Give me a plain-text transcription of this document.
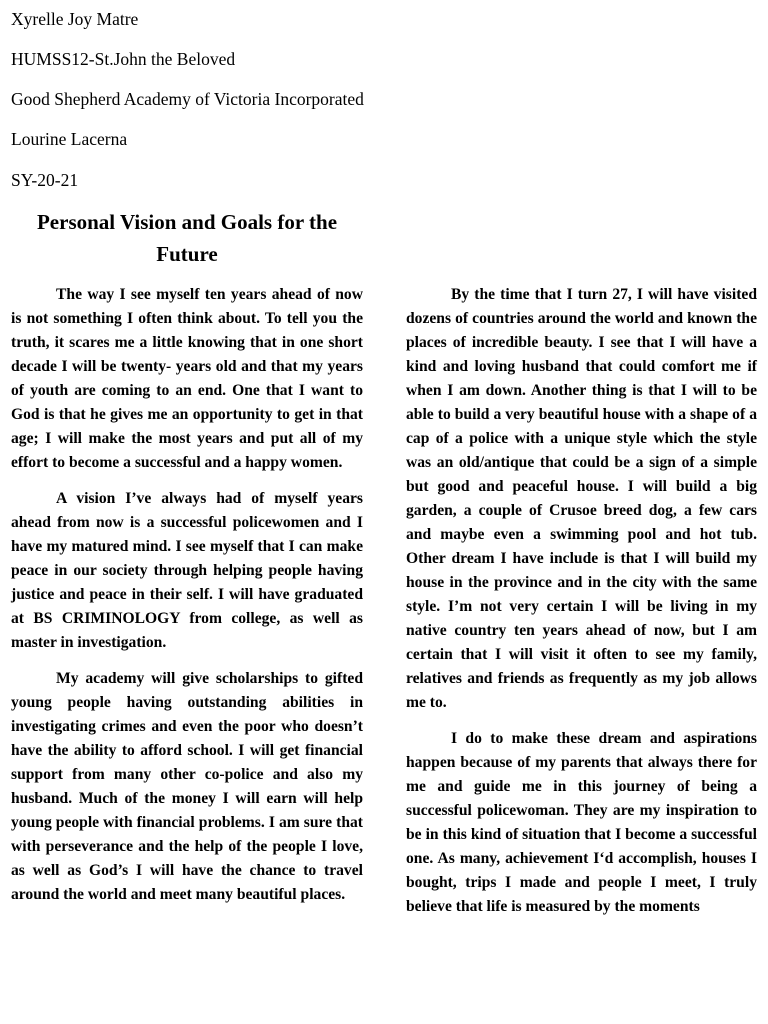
Xyrelle Joy Matre
HUMSS12-St.John the Beloved
Good Shepherd Academy of Victoria Incorporated
Lourine Lacerna
SY-20-21
Personal Vision and Goals for the Future

The way I see myself ten years ahead of now is not something I often think about. To tell you the truth, it scares me a little knowing that in one short decade I will be twenty- years old and that my years of youth are coming to an end. One that I want to God is that he gives me an opportunity to get in that age; I will make the most years and put all of my effort to become a successful and a happy women.

A vision I’ve always had of myself years ahead from now is a successful policewomen and I have my matured mind. I see myself that I can make peace in our society through helping people having justice and peace in their self. I will have graduated at BS CRIMINOLOGY from college, as well as master in investigation.

My academy will give scholarships to gifted young people having outstanding abilities in investigating crimes and even the poor who doesn’t have the ability to afford school. I will get financial support from many other co-police and also my husband. Much of the money I will earn will help young people with financial problems. I am sure that with perseverance and the help of the people I love, as well as God’s I will have the chance to travel around the world and meet many beautiful places.

By the time that I turn 27, I will have visited dozens of countries around the world and known the places of incredible beauty. I see that I will have a kind and loving husband that could comfort me if when I am down. Another thing is that I will to be able to build a very beautiful house with a shape of a cap of a police with a unique style which the style was an old/antique that could be a sign of a simple but good and peaceful house. I will build a big garden, a couple of Crusoe breed dog, a few cars and maybe even a swimming pool and hot tub. Other dream I have include is that I will build my house in the province and in the city with the same style. I’m not very certain I will be living in my native country ten years ahead of now, but I am certain that I will visit it often to see my family, relatives and friends as frequently as my job allows me to.

I do to make these dream and aspirations happen because of my parents that always there for me and guide me in this journey of being a successful policewoman. They are my inspiration to be in this kind of situation that I become a successful one. As many, achievement I‘d accomplish, houses I bought, trips I made and people I meet, I truly believe that life is measured by the moments
